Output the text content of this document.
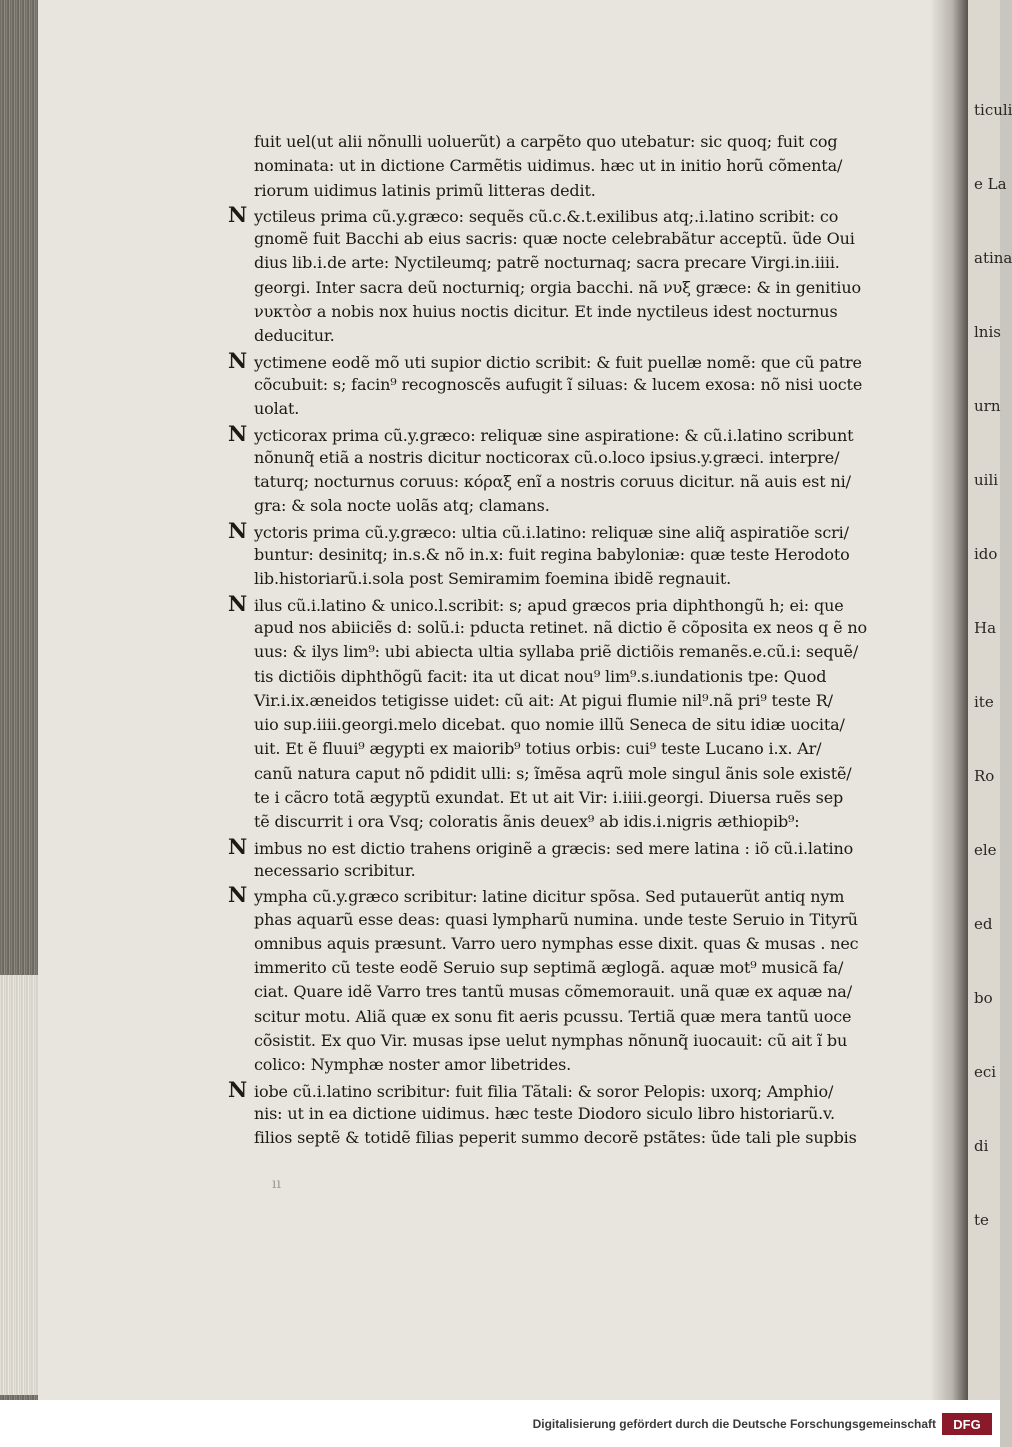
ticuli
e La
atina
lnis
urn
uili
ido
Ha
ite
Ro
ele
ed
bo
eci
di
te
fuit uel(ut alii nõnulli uoluerũt) a carpẽto quo utebatur: sic quoq; fuit cog
nominata: ut in dictione Carmẽtis uidimus. hæc ut in initio horũ cõmenta/
riorum uidimus latinis primũ litteras dedit.
N yctileus prima cũ.y.græco: sequẽs cũ.c.&.t.exilibus atq;.i.latino scribit: co
gnomẽ fuit Bacchi ab eius sacris: quæ nocte celebrabãtur acceptũ. ũde Oui
dius lib.i.de arte: Nyctileumq; patrẽ nocturnaq; sacra precare Virgi.in.iiii.
georgi. Inter sacra deũ nocturniq; orgia bacchi. nã νυξ græce: & in genitiuo
νυκτὸσ a nobis nox huius noctis dicitur. Et inde nyctileus idest nocturnus
deducitur.
N yctimene eodẽ mõ uti supior dictio scribit: & fuit puellæ nomẽ: que cũ patre
cõcubuit: s; facin⁹ recognoscẽs aufugit ĩ siluas: & lucem exosa: nõ nisi uocte
uolat.
N ycticorax prima cũ.y.græco: reliquæ sine aspiratione: & cũ.i.latino scribunt
nõnunq̃ etiã a nostris dicitur nocticorax cũ.o.loco ipsius.y.græci. interpre/
taturq; nocturnus coruus: κόραξ enĩ a nostris coruus dicitur. nã auis est ni/
gra: & sola nocte uolãs atq; clamans.
N yctoris prima cũ.y.græco: ultia cũ.i.latino: reliquæ sine aliq̃ aspiratiõe scri/
buntur: desinitq; in.s.& nõ in.x: fuit regina babyloniæ: quæ teste Herodoto
lib.historiarũ.i.sola post Semiramim foemina ibidẽ regnauit.
N ilus cũ.i.latino & unico.l.scribit: s; apud græcos pria diphthongũ h; ei: que
apud nos abiiciẽs d: solũ.i: pducta retinet. nã dictio ẽ cõposita ex neos q ẽ no
uus: & ilys lim⁹: ubi abiecta ultia syllaba priẽ dictiõis remanẽs.e.cũ.i: sequẽ/
tis dictiõis diphthõgũ facit: ita ut dicat nou⁹ lim⁹.s.iundationis tpe: Quod
Vir.i.ix.æneidos tetigisse uidet: cũ ait: At pigui flumie nil⁹.nã pri⁹ teste R/
uio sup.iiii.georgi.melo dicebat. quo nomie illũ Seneca de situ idiæ uocita/
uit. Et ẽ fluui⁹ ægypti ex maiorib⁹ totius orbis: cui⁹ teste Lucano i.x. Ar/
canũ natura caput nõ pdidit ulli: s; ĩmẽsa aqrũ mole singul ãnis sole existẽ/
te i cãcro totã ægyptũ exundat. Et ut ait Vir: i.iiii.georgi. Diuersa ruẽs sep
tẽ discurrit i ora Vsq; coloratis ãnis deuex⁹ ab idis.i.nigris æthiopib⁹:
N imbus no est dictio trahens originẽ a græcis: sed mere latina : iõ cũ.i.latino
necessario scribitur.
N ympha cũ.y.græco scribitur: latine dicitur spõsa. Sed putauerũt antiq nym
phas aquarũ esse deas: quasi lympharũ numina. unde teste Seruio in Tityrũ
omnibus aquis præsunt. Varro uero nymphas esse dixit. quas & musas . nec
immerito cũ teste eodẽ Seruio sup septimã æglogã. aquæ mot⁹ musicã fa/
ciat. Quare idẽ Varro tres tantũ musas cõmemorauit. unã quæ ex aquæ na/
scitur motu. Aliã quæ ex sonu fit aeris pcussu. Tertiã quæ mera tantũ uoce
cõsistit. Ex quo Vir. musas ipse uelut nymphas nõnunq̃ iuocauit: cũ ait ĩ bu
colico: Nymphæ noster amor libetrides.
N iobe cũ.i.latino scribitur: fuit filia Tãtali: & soror Pelopis: uxorq; Amphio/
nis: ut in ea dictione uidimus. hæc teste Diodoro siculo libro historiarũ.v.
filios septẽ & totidẽ filias peperit summo decorẽ pstãtes: ũde tali ple supbis
ıı
Digitalisierung gefördert durch die Deutsche Forschungsgemeinschaft	DFG
